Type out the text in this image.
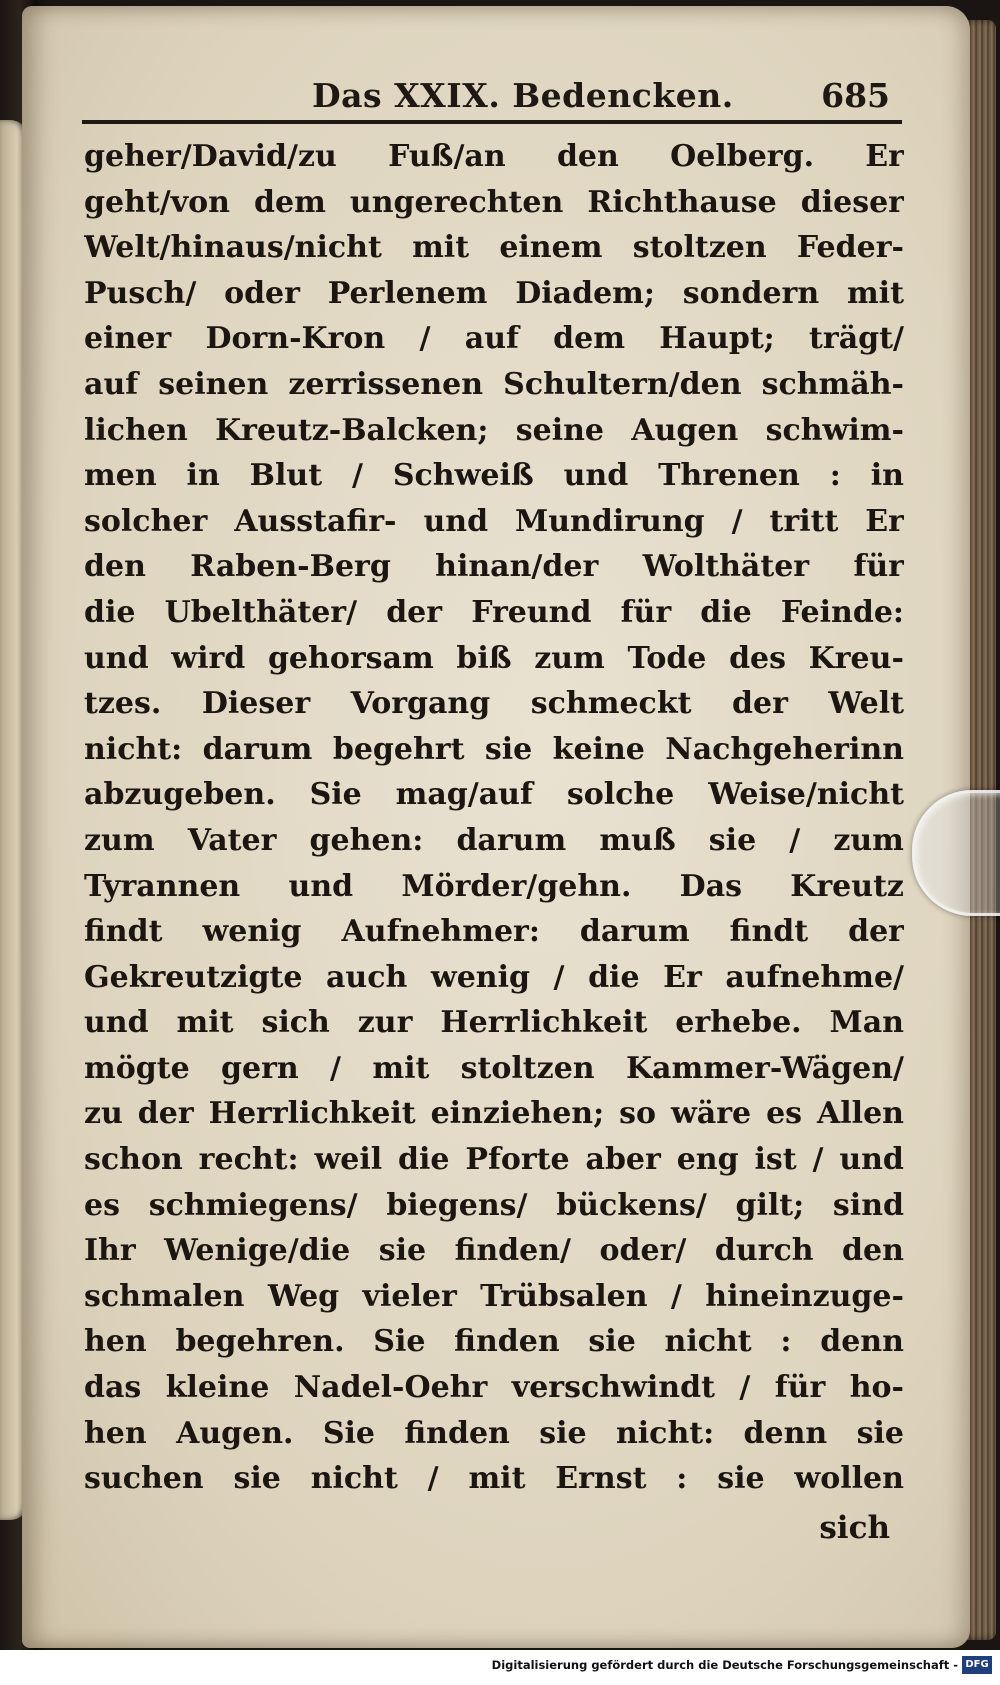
Das XXIX. Bedencken.	685
geher/David/zu Fuß/an den Oelberg. Er
geht/von dem ungerechten Richthause dieser
Welt/hinaus/nicht mit einem stoltzen Feder-
Pusch/ oder Perlenem Diadem; sondern mit
einer Dorn-Kron / auf dem Haupt; trägt/
auf seinen zerrissenen Schultern/den schmäh-
lichen Kreutz-Balcken; seine Augen schwim-
men in Blut / Schweiß und Threnen : in
solcher Ausstafir- und Mundirung / tritt Er
den Raben-Berg hinan/der Wolthäter für
die Ubelthäter/ der Freund für die Feinde:
und wird gehorsam biß zum Tode des Kreu-
tzes. Dieser Vorgang schmeckt der Welt
nicht: darum begehrt sie keine Nachgeherinn
abzugeben. Sie mag/auf solche Weise/nicht
zum Vater gehen: darum muß sie / zum
Tyrannen und Mörder/gehn. Das Kreutz
findt wenig Aufnehmer: darum findt der
Gekreutzigte auch wenig / die Er aufnehme/
und mit sich zur Herrlichkeit erhebe. Man
mögte gern / mit stoltzen Kammer-Wägen/
zu der Herrlichkeit einziehen; so wäre es Allen
schon recht: weil die Pforte aber eng ist / und
es schmiegens/ biegens/ bückens/ gilt; sind
Ihr Wenige/die sie finden/ oder/ durch den
schmalen Weg vieler Trübsalen / hineinzuge-
hen begehren. Sie finden sie nicht : denn
das kleine Nadel-Oehr verschwindt / für ho-
hen Augen. Sie finden sie nicht: denn sie
suchen sie nicht / mit Ernst : sie wollen
sich
Digitalisierung gefördert durch die Deutsche Forschungsgemeinschaft - DFG
